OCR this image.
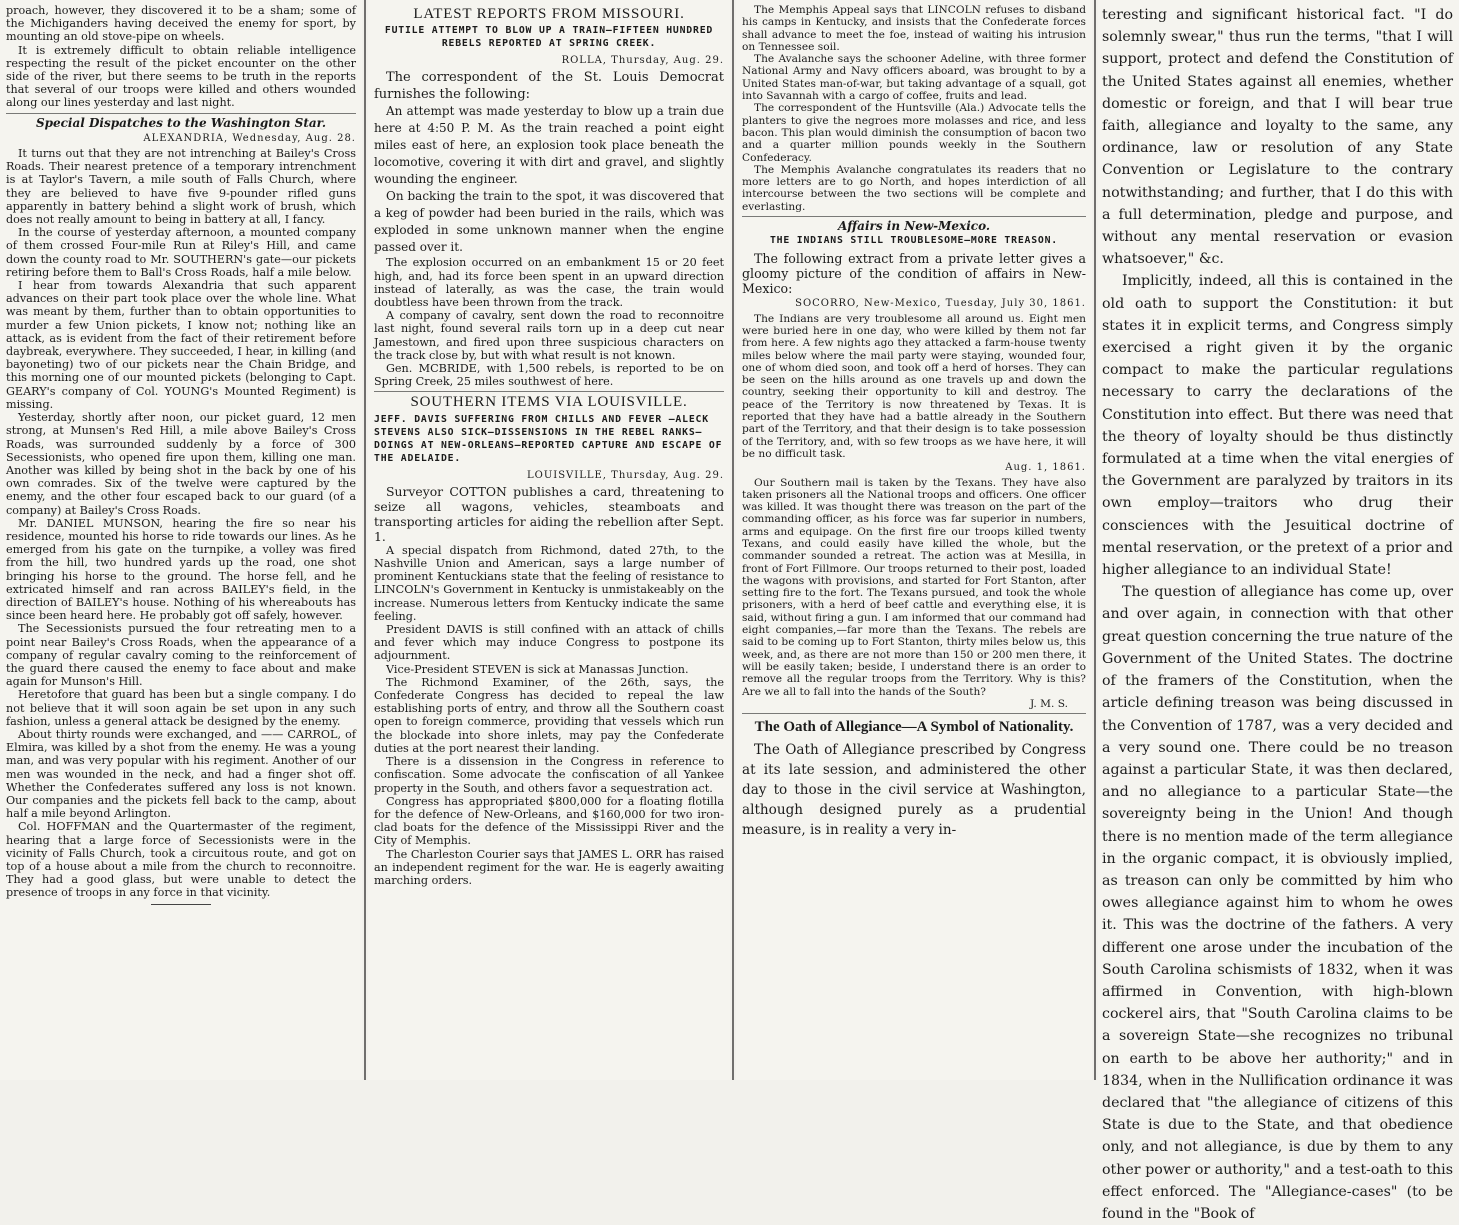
proach, however, they discovered it to be a sham; some of the Michiganders having deceived the enemy for sport, by mounting an old stove-pipe on wheels.

It is extremely difficult to obtain reliable intelligence respecting the result of the picket encounter on the other side of the river, but there seems to be truth in the reports that several of our troops were killed and others wounded along our lines yesterday and last night.

Special Dispatches to the Washington Star.
ALEXANDRIA, Wednesday, Aug. 28.

It turns out that they are not intrenching at Bailey's Cross Roads. Their nearest pretence of a temporary intrenchment is at Taylor's Tavern, a mile south of Falls Church, where they are believed to have five 9-pounder rifled guns apparently in battery behind a slight work of brush, which does not really amount to being in battery at all, I fancy.

In the course of yesterday afternoon, a mounted company of them crossed Four-mile Run at Riley's Hill, and came down the county road to Mr. SOUTHERN's gate—our pickets retiring before them to Ball's Cross Roads, half a mile below.

I hear from towards Alexandria that such apparent advances on their part took place over the whole line. What was meant by them, further than to obtain opportunities to murder a few Union pickets, I know not; nothing like an attack, as is evident from the fact of their retirement before daybreak, everywhere. They succeeded, I hear, in killing (and bayoneting) two of our pickets near the Chain Bridge, and this morning one of our mounted pickets (belonging to Capt. GEARY's company of Col. YOUNG's Mounted Regiment) is missing.

Yesterday, shortly after noon, our picket guard, 12 men strong, at Munsen's Red Hill, a mile above Bailey's Cross Roads, was surrounded suddenly by a force of 300 Secessionists, who opened fire upon them, killing one man. Another was killed by being shot in the back by one of his own comrades. Six of the twelve were captured by the enemy, and the other four escaped back to our guard (of a company) at Bailey's Cross Roads.

Mr. DANIEL MUNSON, hearing the fire so near his residence, mounted his horse to ride towards our lines. As he emerged from his gate on the turnpike, a volley was fired from the hill, two hundred yards up the road, one shot bringing his horse to the ground. The horse fell, and he extricated himself and ran across BAILEY's field, in the direction of BAILEY's house. Nothing of his whereabouts has since been heard here. He probably got off safely, however.

The Secessionists pursued the four retreating men to a point near Bailey's Cross Roads, when the appearance of a company of regular cavalry coming to the reinforcement of the guard there caused the enemy to face about and make again for Munson's Hill.

Heretofore that guard has been but a single company. I do not believe that it will soon again be set upon in any such fashion, unless a general attack be designed by the enemy.

About thirty rounds were exchanged, and —— CARROL, of Elmira, was killed by a shot from the enemy. He was a young man, and was very popular with his regiment. Another of our men was wounded in the neck, and had a finger shot off. Whether the Confederates suffered any loss is not known. Our companies and the pickets fell back to the camp, about half a mile beyond Arlington.

Col. HOFFMAN and the Quartermaster of the regiment, hearing that a large force of Secessionists were in the vicinity of Falls Church, took a circuitous route, and got on top of a house about a mile from the church to reconnoitre. They had a good glass, but were unable to detect the presence of troops in any force in that vicinity.

LATEST REPORTS FROM MISSOURI.
FUTILE ATTEMPT TO BLOW UP A TRAIN—FIFTEEN HUNDRED REBELS REPORTED AT SPRING CREEK.
ROLLA, Thursday, Aug. 29.

The correspondent of the St. Louis Democrat furnishes the following:

An attempt was made yesterday to blow up a train due here at 4:50 P. M. As the train reached a point eight miles east of here, an explosion took place beneath the locomotive, covering it with dirt and gravel, and slightly wounding the engineer.

On backing the train to the spot, it was discovered that a keg of powder had been buried in the rails, which was exploded in some unknown manner when the engine passed over it.

The explosion occurred on an embankment 15 or 20 feet high, and, had its force been spent in an upward direction instead of laterally, as was the case, the train would doubtless have been thrown from the track.

A company of cavalry, sent down the road to reconnoitre last night, found several rails torn up in a deep cut near Jamestown, and fired upon three suspicious characters on the track close by, but with what result is not known.

Gen. MCBRIDE, with 1,500 rebels, is reported to be on Spring Creek, 25 miles southwest of here.

SOUTHERN ITEMS VIA LOUISVILLE.
JEFF. DAVIS SUFFERING FROM CHILLS AND FEVER —ALECK STEVENS ALSO SICK—DISSENSIONS IN THE REBEL RANKS—DOINGS AT NEW-ORLEANS—REPORTED CAPTURE AND ESCAPE OF THE ADELAIDE.
LOUISVILLE, Thursday, Aug. 29.

Surveyor COTTON publishes a card, threatening to seize all wagons, vehicles, steamboats and transporting articles for aiding the rebellion after Sept. 1.

A special dispatch from Richmond, dated 27th, to the Nashville Union and American, says a large number of prominent Kentuckians state that the feeling of resistance to LINCOLN's Government in Kentucky is unmistakeably on the increase. Numerous letters from Kentucky indicate the same feeling.

President DAVIS is still confined with an attack of chills and fever which may induce Congress to postpone its adjournment.

Vice-President STEVEN is sick at Manassas Junction.

The Richmond Examiner, of the 26th, says, the Confederate Congress has decided to repeal the law establishing ports of entry, and throw all the Southern coast open to foreign commerce, providing that vessels which run the blockade into shore inlets, may pay the Confederate duties at the port nearest their landing.

There is a dissension in the Congress in reference to confiscation. Some advocate the confiscation of all Yankee property in the South, and others favor a sequestration act.

Congress has appropriated $800,000 for a floating flotilla for the defence of New-Orleans, and $160,000 for two iron-clad boats for the defence of the Mississippi River and the City of Memphis.

The Charleston Courier says that JAMES L. ORR has raised an independent regiment for the war. He is eagerly awaiting marching orders.

The Memphis Appeal says that LINCOLN refuses to disband his camps in Kentucky, and insists that the Confederate forces shall advance to meet the foe, instead of waiting his intrusion on Tennessee soil.

The Avalanche says the schooner Adeline, with three former National Army and Navy officers aboard, was brought to by a United States man-of-war, but taking advantage of a squall, got into Savannah with a cargo of coffee, fruits and lead.

The correspondent of the Huntsville (Ala.) Advocate tells the planters to give the negroes more molasses and rice, and less bacon. This plan would diminish the consumption of bacon two and a quarter million pounds weekly in the Southern Confederacy.

The Memphis Avalanche congratulates its readers that no more letters are to go North, and hopes interdiction of all intercourse between the two sections will be complete and everlasting.

Affairs in New-Mexico.
THE INDIANS STILL TROUBLESOME—MORE TREASON.

The following extract from a private letter gives a gloomy picture of the condition of affairs in New-Mexico:

SOCORRO, New-Mexico, Tuesday, July 30, 1861.

The Indians are very troublesome all around us. Eight men were buried here in one day, who were killed by them not far from here. A few nights ago they attacked a farm-house twenty miles below where the mail party were staying, wounded four, one of whom died soon, and took off a herd of horses. They can be seen on the hills around as one travels up and down the country, seeking their opportunity to kill and destroy. The peace of the Territory is now threatened by Texas. It is reported that they have had a battle already in the Southern part of the Territory, and that their design is to take possession of the Territory, and, with so few troops as we have here, it will be no difficult task.

Aug. 1, 1861.

Our Southern mail is taken by the Texans. They have also taken prisoners all the National troops and officers. One officer was killed. It was thought there was treason on the part of the commanding officer, as his force was far superior in numbers, arms and equipage. On the first fire our troops killed twenty Texans, and could easily have killed the whole, but the commander sounded a retreat. The action was at Mesilla, in front of Fort Fillmore. Our troops returned to their post, loaded the wagons with provisions, and started for Fort Stanton, after setting fire to the fort. The Texans pursued, and took the whole prisoners, with a herd of beef cattle and everything else, it is said, without firing a gun. I am informed that our command had eight companies,—far more than the Texans. The rebels are said to be coming up to Fort Stanton, thirty miles below us, this week, and, as there are not more than 150 or 200 men there, it will be easily taken; beside, I understand there is an order to remove all the regular troops from the Territory. Why is this? Are we all to fall into the hands of the South?

J. M. S.
The Oath of Allegiance—A Symbol of Nationality.

The Oath of Allegiance prescribed by Congress at its late session, and administered the other day to those in the civil service at Washington, although designed purely as a prudential measure, is in reality a very in-

teresting and significant historical fact. "I do solemnly swear," thus run the terms, "that I will support, protect and defend the Constitution of the United States against all enemies, whether domestic or foreign, and that I will bear true faith, allegiance and loyalty to the same, any ordinance, law or resolution of any State Convention or Legislature to the contrary notwithstanding; and further, that I do this with a full determination, pledge and purpose, and without any mental reservation or evasion whatsoever," &c.

Implicitly, indeed, all this is contained in the old oath to support the Constitution: it but states it in explicit terms, and Congress simply exercised a right given it by the organic compact to make the particular regulations necessary to carry the declarations of the Constitution into effect. But there was need that the theory of loyalty should be thus distinctly formulated at a time when the vital energies of the Government are paralyzed by traitors in its own employ—traitors who drug their consciences with the Jesuitical doctrine of mental reservation, or the pretext of a prior and higher allegiance to an individual State!

The question of allegiance has come up, over and over again, in connection with that other great question concerning the true nature of the Government of the United States. The doctrine of the framers of the Constitution, when the article defining treason was being discussed in the Convention of 1787, was a very decided and a very sound one. There could be no treason against a particular State, it was then declared, and no allegiance to a particular State—the sovereignty being in the Union! And though there is no mention made of the term allegiance in the organic compact, it is obviously implied, as treason can only be committed by him who owes allegiance against him to whom he owes it. This was the doctrine of the fathers. A very different one arose under the incubation of the South Carolina schismists of 1832, when it was affirmed in Convention, with high-blown cockerel airs, that "South Carolina claims to be a sovereign State—she recognizes no tribunal on earth to be above her authority;" and in 1834, when in the Nullification ordinance it was declared that "the allegiance of citizens of this State is due to the State, and that obedience only, and not allegiance, is due by them to any other power or authority," and a test-oath to this effect enforced. The "Allegiance-cases" (to be found in the "Book of
